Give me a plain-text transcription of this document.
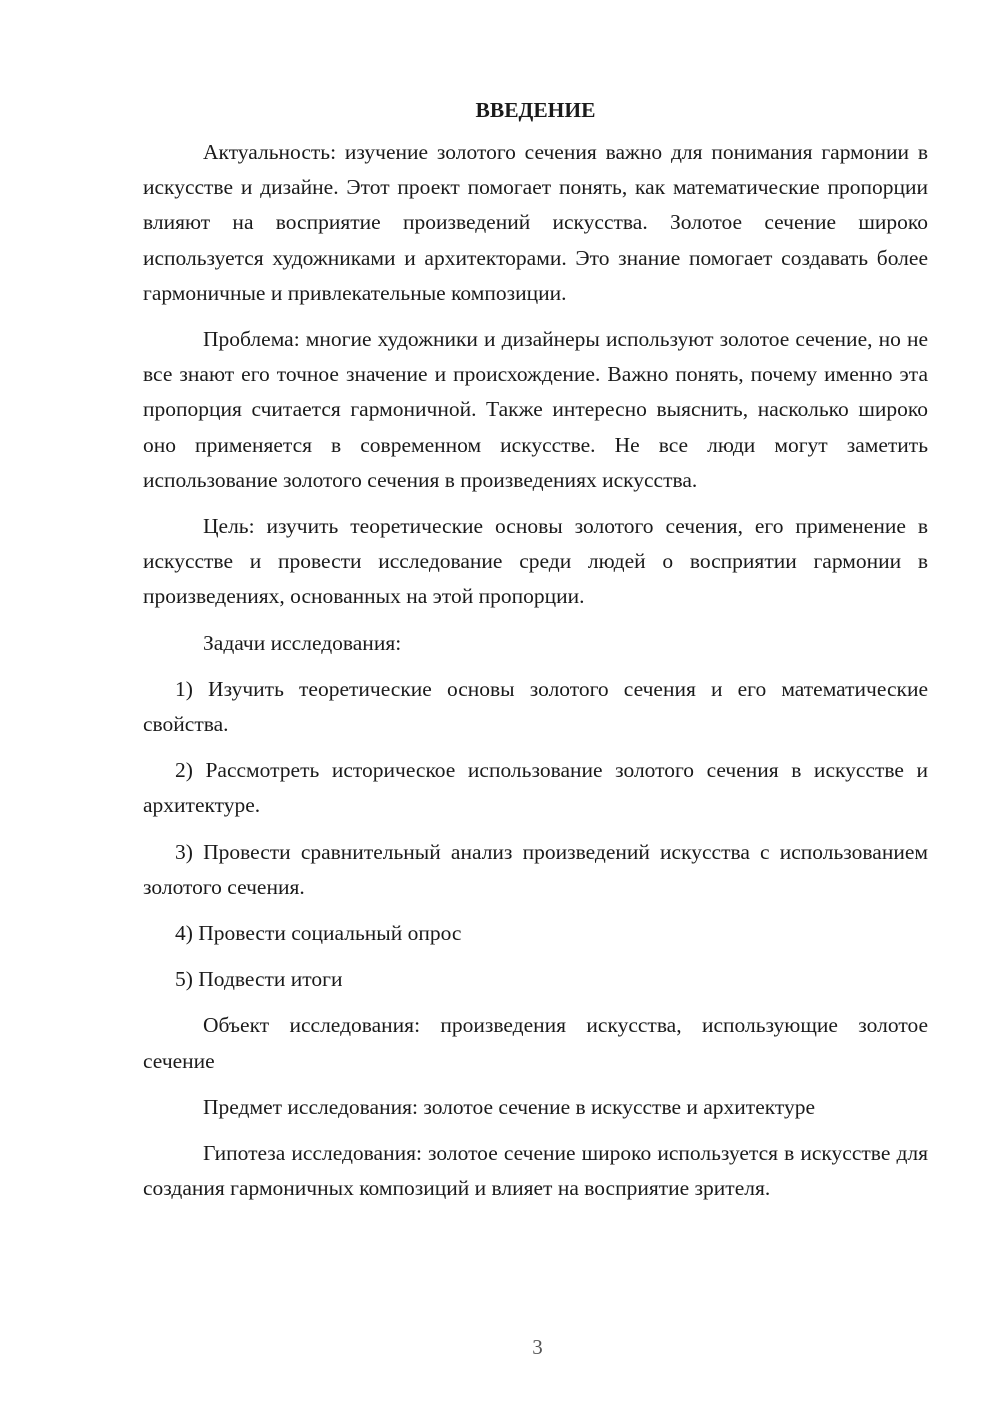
ВВЕДЕНИЕ

Актуальность: изучение золотого сечения важно для понимания гармонии в искусстве и дизайне. Этот проект помогает понять, как математические пропорции влияют на восприятие произведений искусства. Золотое сечение широко используется художниками и архитекторами. Это знание помогает создавать более гармоничные и привлекательные композиции.

Проблема: многие художники и дизайнеры используют золотое сечение, но не все знают его точное значение и происхождение. Важно понять, почему именно эта пропорция считается гармоничной. Также интересно выяснить, насколько широко оно применяется в современном искусстве. Не все люди могут заметить использование золотого сечения в произведениях искусства.

Цель: изучить теоретические основы золотого сечения, его применение в искусстве и провести исследование среди людей о восприятии гармонии в произведениях, основанных на этой пропорции.

Задачи исследования:

1) Изучить теоретические основы золотого сечения и его математические свойства.

2) Рассмотреть историческое использование золотого сечения в искусстве и архитектуре.

3) Провести сравнительный анализ произведений искусства с использованием золотого сечения.

4) Провести социальный опрос

5) Подвести итоги

Объект исследования: произведения искусства, использующие золотое сечение

Предмет исследования: золотое сечение в искусстве и архитектуре

Гипотеза исследования: золотое сечение широко используется в искусстве для создания гармоничных композиций и влияет на восприятие зрителя.

3
